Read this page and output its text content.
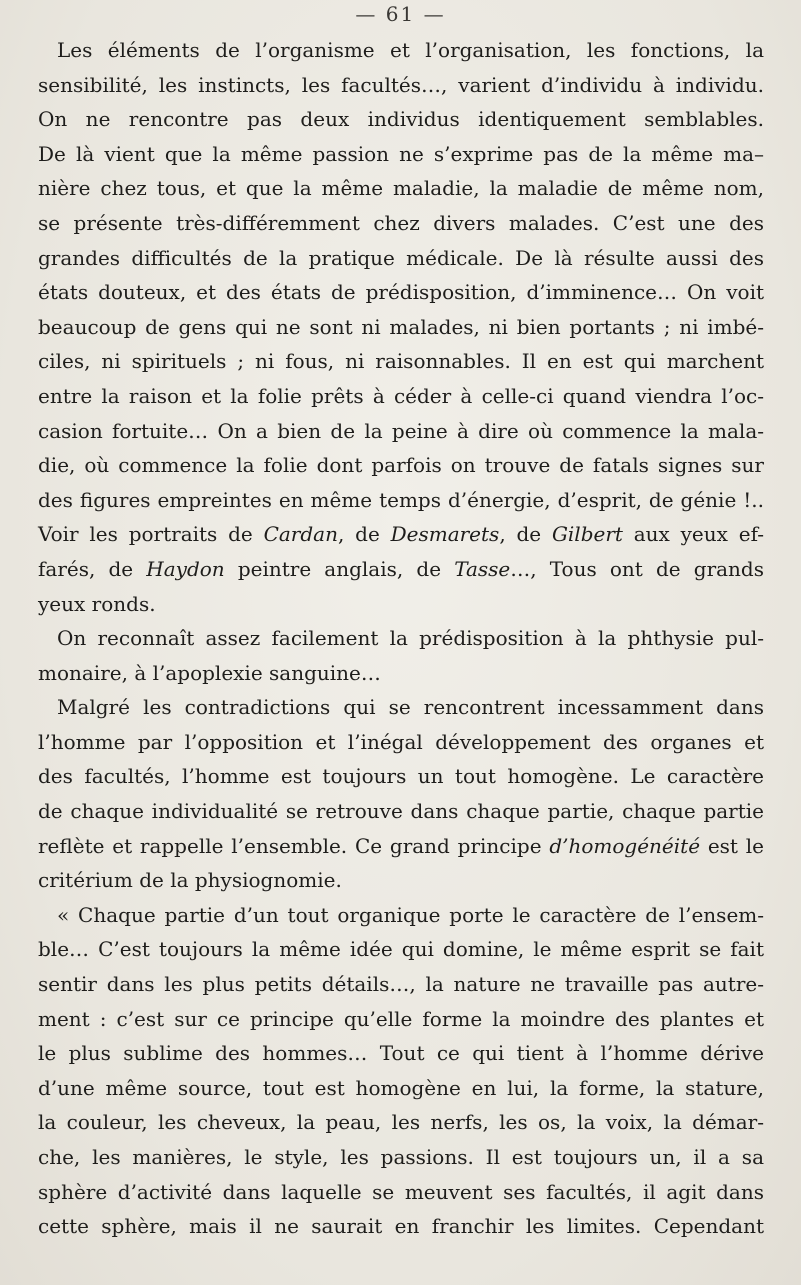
— 61 —
Les éléments de l’organisme et l’organisation, les fonctions, la
sensibilité, les instincts, les facultés…, varient d’individu à individu.
On ne rencontre pas deux individus identiquement semblables.
De là vient que la même passion ne s’exprime pas de la même ma–
nière chez tous, et que la même maladie, la maladie de même nom,
se présente très-différemment chez divers malades. C’est une des
grandes difficultés de la pratique médicale. De là résulte aussi des
états douteux, et des états de prédisposition, d’imminence… On voit
beaucoup de gens qui ne sont ni malades, ni bien portants ; ni imbé-
ciles, ni spirituels ; ni fous, ni raisonnables. Il en est qui marchent
entre la raison et la folie prêts à céder à celle-ci quand viendra l’oc-
casion fortuite… On a bien de la peine à dire où commence la mala-
die, où commence la folie dont parfois on trouve de fatals signes sur
des figures empreintes en même temps d’énergie, d’esprit, de génie !..
Voir les portraits de Cardan, de Desmarets, de Gilbert aux yeux ef-
farés, de Haydon peintre anglais, de Tasse…, Tous ont de grands
yeux ronds.
On reconnaît assez facilement la prédisposition à la phthysie pul-
monaire, à l’apoplexie sanguine…
Malgré les contradictions qui se rencontrent incessamment dans
l’homme par l’opposition et l’inégal développement des organes et
des facultés, l’homme est toujours un tout homogène. Le caractère
de chaque individualité se retrouve dans chaque partie, chaque partie
reflète et rappelle l’ensemble. Ce grand principe d’homogénéité est le
critérium de la physiognomie.
« Chaque partie d’un tout organique porte le caractère de l’ensem-
ble… C’est toujours la même idée qui domine, le même esprit se fait
sentir dans les plus petits détails…, la nature ne travaille pas autre-
ment : c’est sur ce principe qu’elle forme la moindre des plantes et
le plus sublime des hommes… Tout ce qui tient à l’homme dérive
d’une même source, tout est homogène en lui, la forme, la stature,
la couleur, les cheveux, la peau, les nerfs, les os, la voix, la démar-
che, les manières, le style, les passions. Il est toujours un, il a sa
sphère d’activité dans laquelle se meuvent ses facultés, il agit dans
cette sphère, mais il ne saurait en franchir les limites. Cependant
